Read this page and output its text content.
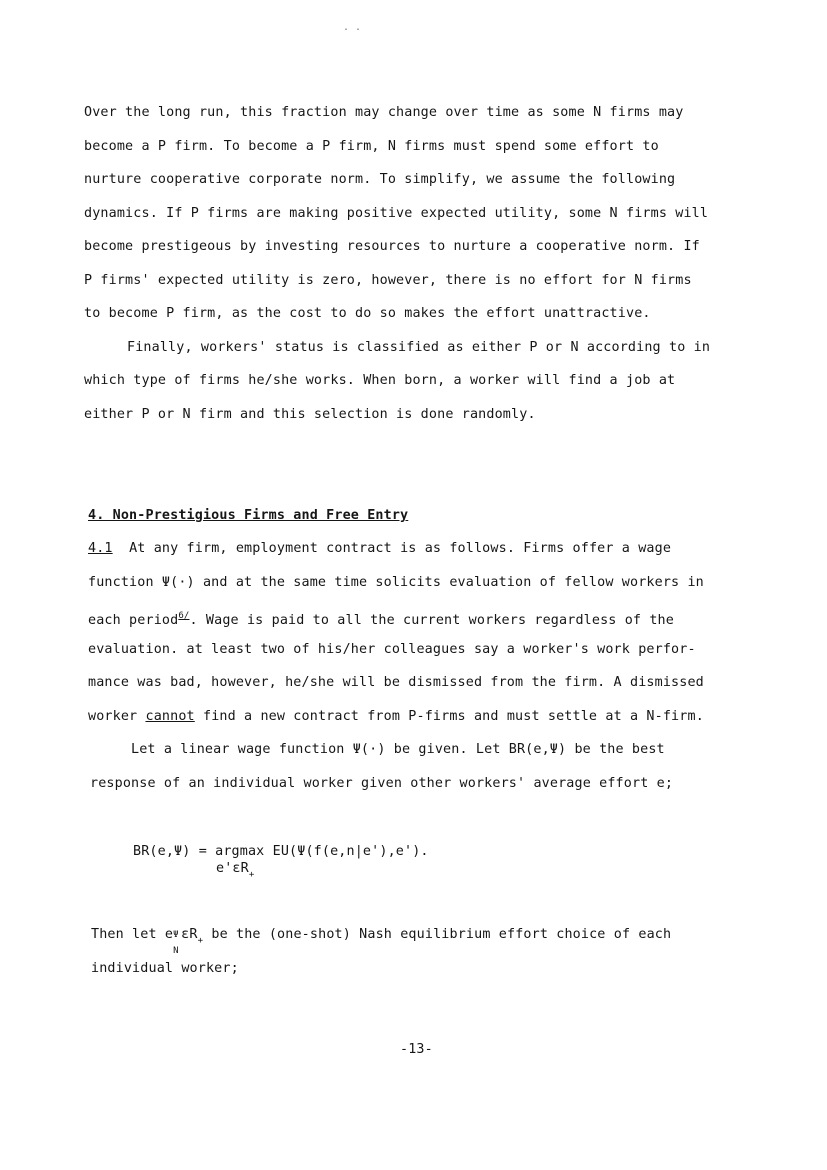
. .
Over the long run, this fraction may change over time as some N firms may
become a P firm. To become a P firm, N firms must spend some effort to
nurture cooperative corporate norm. To simplify, we assume the following
dynamics. If P firms are making positive expected utility, some N firms will
become prestigeous by investing resources to nurture a cooperative norm. If
P firms' expected utility is zero, however, there is no effort for N firms
to become P firm, as the cost to do so makes the effort unattractive.
Finally, workers' status is classified as either P or N according to in
which type of firms he/she works. When born, a worker will find a job at
either P or N firm and this selection is done randomly.
4. Non-Prestigious Firms and Free Entry
4.1 At any firm, employment contract is as follows. Firms offer a wage
function Ψ(·) and at the same time solicits evaluation of fellow workers in
each period$^{6/}$. Wage is paid to all the current workers regardless of the
evaluation. at least two of his/her colleagues say a worker's work perfor-
mance was bad, however, he/she will be dismissed from the firm. A dismissed
worker cannot find a new contract from P-firms and must settle at a N-firm.
Let a linear wage function Ψ(·) be given. Let BR(e,Ψ) be the best
response of an individual worker given other workers' average effort e;
BR(e,Ψ) = argmax EU(Ψ(f(e,n|e'),e').
$e'\varepsilon R_+$
Then let e Ψ
N
$\varepsilon R_+$ be the (one-shot) Nash equilibrium effort choice of each
individual worker;
-13-
